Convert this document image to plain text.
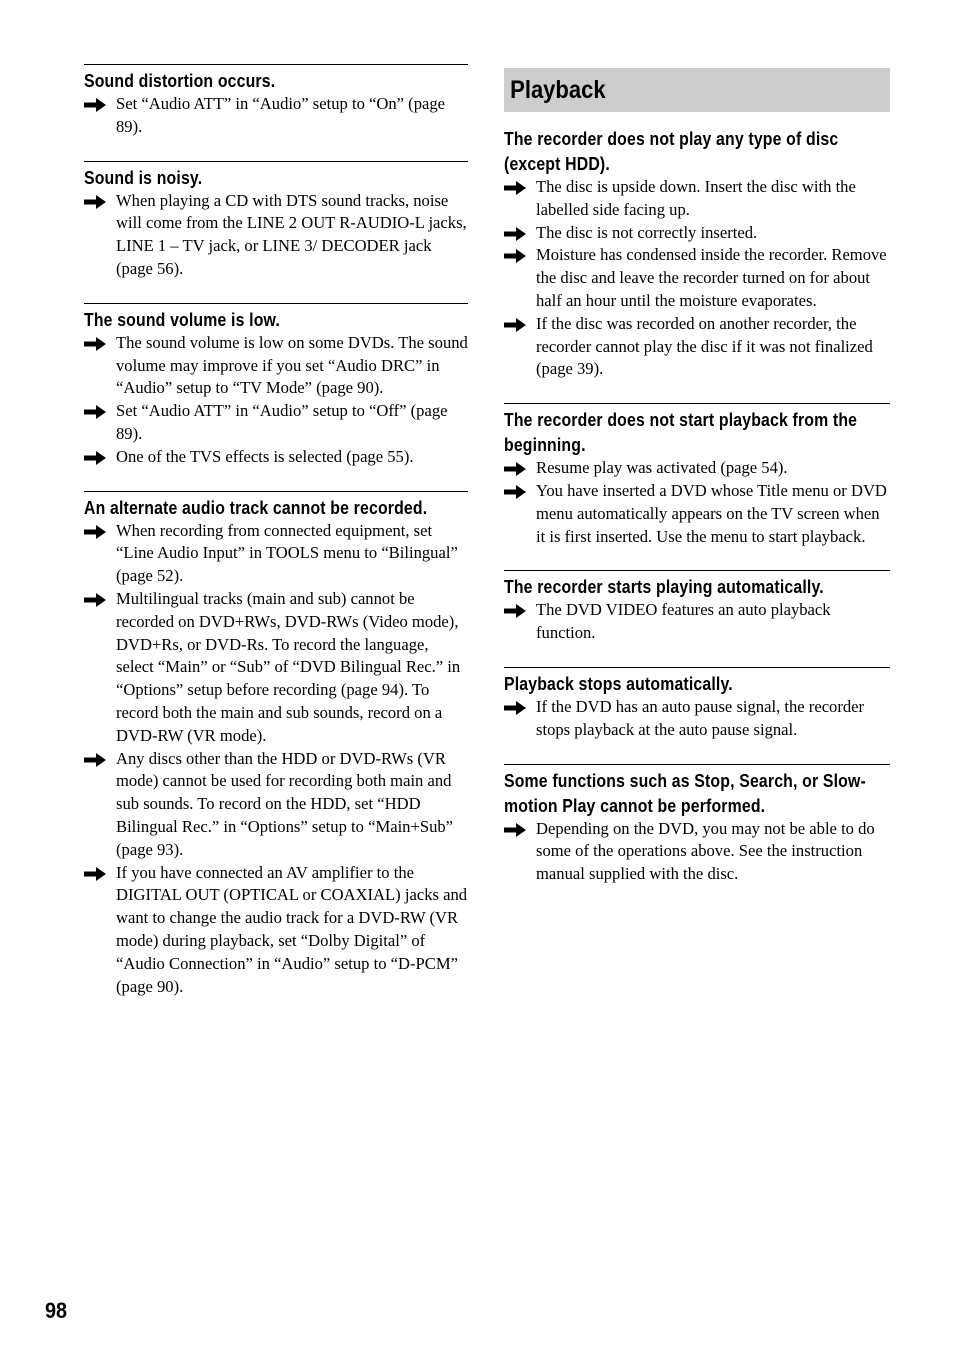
Sound distortion occurs.
Set “Audio ATT” in “Audio” setup to “On” (page 89).
Sound is noisy.
When playing a CD with DTS sound tracks, noise will come from the LINE 2 OUT R-AUDIO-L jacks, LINE 1 – TV jack, or LINE 3/ DECODER jack (page 56).
The sound volume is low.
The sound volume is low on some DVDs. The sound volume may improve if you set “Audio DRC” in “Audio” setup to “TV Mode” (page 90).
Set “Audio ATT” in “Audio” setup to “Off” (page 89).
One of the TVS effects is selected (page 55).
An alternate audio track cannot be recorded.
When recording from connected equipment, set “Line Audio Input” in TOOLS menu to “Bilingual” (page 52).
Multilingual tracks (main and sub) cannot be recorded on DVD+RWs, DVD-RWs (Video mode), DVD+Rs, or DVD-Rs. To record the language, select “Main” or “Sub” of “DVD Bilingual Rec.” in “Options” setup before recording (page 94). To record both the main and sub sounds, record on a DVD-RW (VR mode).
Any discs other than the HDD or DVD-RWs (VR mode) cannot be used for recording both main and sub sounds. To record on the HDD, set “HDD Bilingual Rec.” in “Options” setup to “Main+Sub” (page 93).
If you have connected an AV amplifier to the DIGITAL OUT (OPTICAL or COAXIAL) jacks and want to change the audio track for a DVD-RW (VR mode) during playback, set “Dolby Digital” of “Audio Connection” in “Audio” setup to “D-PCM” (page 90).
Playback
The recorder does not play any type of disc (except HDD).
The disc is upside down. Insert the disc with the labelled side facing up.
The disc is not correctly inserted.
Moisture has condensed inside the recorder. Remove the disc and leave the recorder turned on for about half an hour until the moisture evaporates.
If the disc was recorded on another recorder, the recorder cannot play the disc if it was not finalized (page 39).
The recorder does not start playback from the beginning.
Resume play was activated (page 54).
You have inserted a DVD whose Title menu or DVD menu automatically appears on the TV screen when it is first inserted. Use the menu to start playback.
The recorder starts playing automatically.
The DVD VIDEO features an auto playback function.
Playback stops automatically.
If the DVD has an auto pause signal, the recorder stops playback at the auto pause signal.
Some functions such as Stop, Search, or Slow-motion Play cannot be performed.
Depending on the DVD, you may not be able to do some of the operations above. See the instruction manual supplied with the disc.
98
